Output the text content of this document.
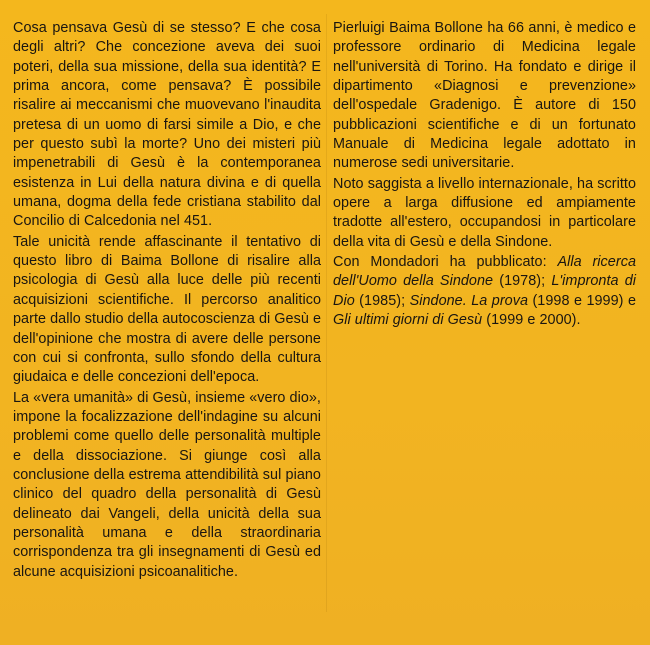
Cosa pensava Gesù di se stesso? E che cosa degli altri? Che concezione aveva dei suoi poteri, della sua missione, della sua identità? E prima ancora, come pensava? È possibile risalire ai meccanismi che muovevano l'inaudita pretesa di un uomo di farsi simile a Dio, e che per questo subì la morte? Uno dei misteri più impenetrabili di Gesù è la contemporanea esistenza in Lui della natura divina e di quella umana, dogma della fede cristiana stabilito dal Concilio di Calcedonia nel 451.

Tale unicità rende affascinante il tentativo di questo libro di Baima Bollone di risalire alla psicologia di Gesù alla luce delle più recenti acquisizioni scientifiche. Il percorso analitico parte dallo studio della autocoscienza di Gesù e dell'opinione che mostra di avere delle persone con cui si confronta, sullo sfondo della cultura giudaica e delle concezioni dell'epoca.

La «vera umanità» di Gesù, insieme «vero dio», impone la focalizzazione dell'indagine su alcuni problemi come quello delle personalità multiple e della dissociazione. Si giunge così alla conclusione della estrema attendibilità sul piano clinico del quadro della personalità di Gesù delineato dai Vangeli, della unicità della sua personalità umana e della straordinaria corrispondenza tra gli insegnamenti di Gesù ed alcune acquisizioni psicoanalitiche.

Pierluigi Baima Bollone ha 66 anni, è medico e professore ordinario di Medicina legale nell'università di Torino. Ha fondato e dirige il dipartimento «Diagnosi e prevenzione» dell'ospedale Gradenigo. È autore di 150 pubblicazioni scientifiche e di un fortunato Manuale di Medicina legale adottato in numerose sedi universitarie.

Noto saggista a livello internazionale, ha scritto opere a larga diffusione ed ampiamente tradotte all'estero, occupandosi in particolare della vita di Gesù e della Sindone.

Con Mondadori ha pubblicato: Alla ricerca dell'Uomo della Sindone (1978); L'impronta di Dio (1985); Sindone. La prova (1998 e 1999) e Gli ultimi giorni di Gesù (1999 e 2000).
